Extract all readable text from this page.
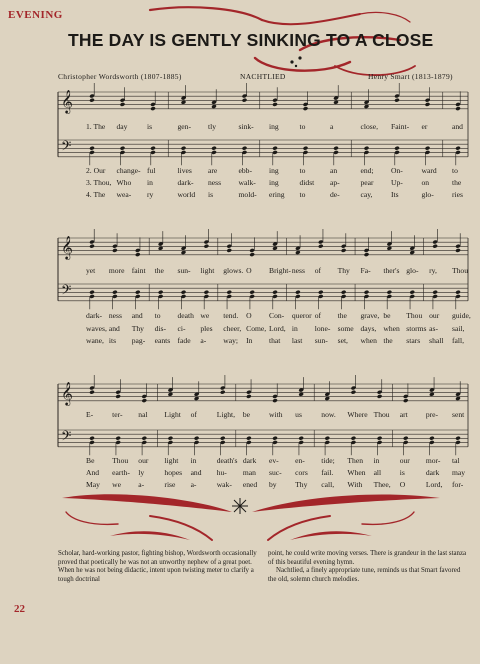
𝄞
𝄢
𝄞
𝄢
𝄞
𝄢
EVENING
THE DAY IS GENTLY SINKING TO A CLOSE
Christopher Wordsworth (1807-1885)	NACHTLIED	Henry Smart (1813-1879)
1. The day	is	gen- tly	sink- ing	to	a	close, Faint- er	and
2. Our change- ful	lives are	ebb- ing	to	an	end; On- ward to
3. Thou, Who in	dark- ness walk- ing	didst ap-	pear Up- on	the
4. The wea- ry	world is	mold- ering to	de-	cay, Its	glo- ries
yet more faint the sun- light glows. O Bright- ness of Thy Fa- ther's glo- ry, Thou
dark- ness and to death we tend. O Con- queror of the grave, be Thou our guide,
waves, and Thy dis- ci- ples cheer, Come, Lord, in lone- some days, when storms as- sail,
wane, its pag- eants fade a- way; In that last sun- set, when the stars shall fall,
E- ter- nal Light of	Light, be with us	now. Where Thou art pre- sent
Be Thou our light in	death's dark ev- en- tide; Then in	our mor- tal
And earth- ly	hopes and hu- man suc- cors fail. When all is	dark may
May we a-	rise a-	wak- ened by Thy call, With Thee, O	Lord, for-

Scholar, hard-working pastor, fighting bishop, Wordsworth occasionally proved that poetically he was not an unworthy nephew of a great poet. When he was not being didactic, intent upon twisting meter to clarify a tough doctrinal

point, he could write moving verses. There is grandeur in the last stanza of this beautiful evening hymn.

Nachtlied, a finely appropriate tune, reminds us that Smart favored the old, solemn church melodies.

22
